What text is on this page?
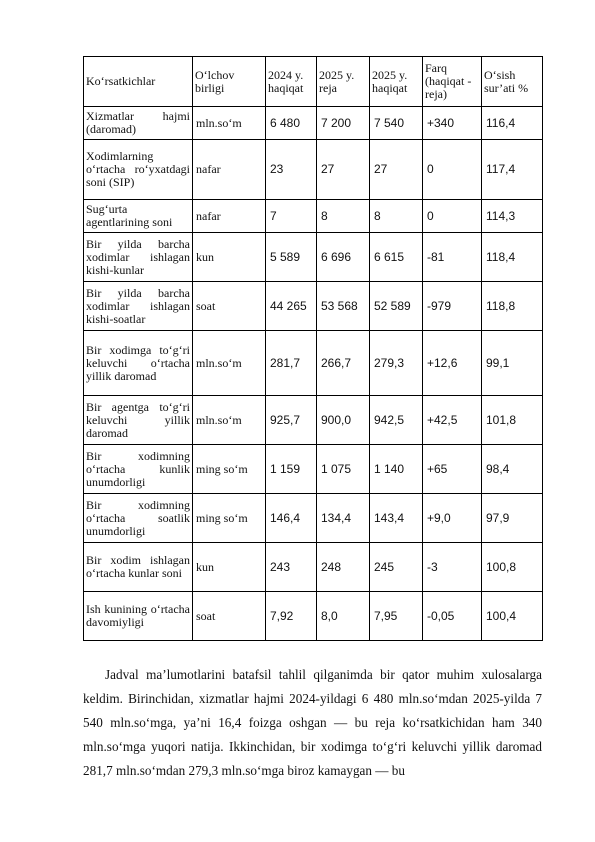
Ko‘rsatkichlar	O‘lchov birligi	2024 y. haqiqat	2025 y. reja	2025 y. haqiqat	Farq (haqiqat -reja)	O‘sish sur’ati %
Xizmatlar hajmi (daromad)	mln.so‘m	6 480	7 200	7 540	+340	116,4
Xodimlarning o‘rtacha ro‘yxatdagi soni (SIP)	nafar	23	27	27	0	117,4
Sug‘urta agentlarining soni	nafar	7	8	8	0	114,3
Bir yilda barcha xodimlar ishlagan kishi-kunlar	kun	5 589	6 696	6 615	-81	118,4
Bir yilda barcha xodimlar ishlagan kishi-soatlar	soat	44 265	53 568	52 589	-979	118,8
Bir xodimga to‘g‘ri keluvchi o‘rtacha yillik daromad	mln.so‘m	281,7	266,7	279,3	+12,6	99,1
Bir agentga to‘g‘ri keluvchi yillik daromad	mln.so‘m	925,7	900,0	942,5	+42,5	101,8
Bir xodimning o‘rtacha kunlik unumdorligi	ming so‘m	1 159	1 075	1 140	+65	98,4
Bir xodimning o‘rtacha soatlik unumdorligi	ming so‘m	146,4	134,4	143,4	+9,0	97,9
Bir xodim ishlagan o‘rtacha kunlar soni	kun	243	248	245	-3	100,8
Ish kunining o‘rtacha davomiyligi	soat	7,92	8,0	7,95	-0,05	100,4

Jadval ma’lumotlarini batafsil tahlil qilganimda bir qator muhim xulosalarga keldim. Birinchidan, xizmatlar hajmi 2024-yildagi 6 480 mln.so‘mdan 2025-yilda 7 540 mln.so‘mga, ya’ni 16,4 foizga oshgan — bu reja ko‘rsatkichidan ham 340 mln.so‘mga yuqori natija. Ikkinchidan, bir xodimga to‘g‘ri keluvchi yillik daromad 281,7 mln.so‘mdan 279,3 mln.so‘mga biroz kamaygan — bu
